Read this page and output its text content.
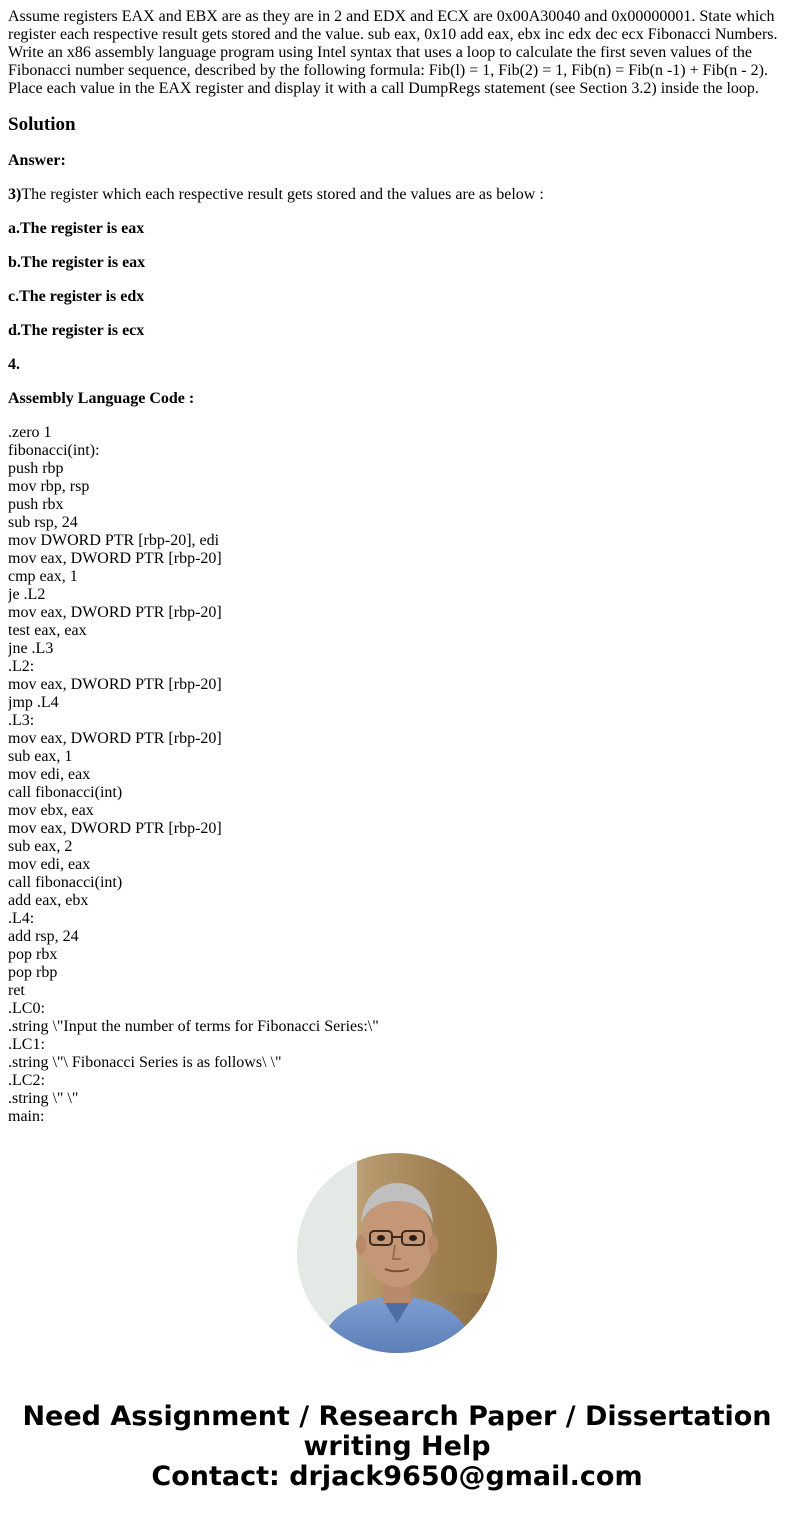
Assume registers EAX and EBX are as they are in 2 and EDX and ECX are 0x00A30040 and 0x00000001. State which register each respective result gets stored and the value. sub eax, 0x10 add eax, ebx inc edx dec ecx Fibonacci Numbers. Write an x86 assembly language program using Intel syntax that uses a loop to calculate the first seven values of the Fibonacci number sequence, described by the following formula: Fib(l) = 1, Fib(2) = 1, Fib(n) = Fib(n -1) + Fib(n - 2). Place each value in the EAX register and display it with a call DumpRegs statement (see Section 3.2) inside the loop.
Solution
Answer:
3)The register which each respective result gets stored and the values are as below :
a.The register is eax
b.The register is eax
c.The register is edx
d.The register is ecx
4.
Assembly Language Code :
.zero 1
fibonacci(int):
push rbp
mov rbp, rsp
push rbx
sub rsp, 24
mov DWORD PTR [rbp-20], edi
mov eax, DWORD PTR [rbp-20]
cmp eax, 1
je .L2
mov eax, DWORD PTR [rbp-20]
test eax, eax
jne .L3
.L2:
mov eax, DWORD PTR [rbp-20]
jmp .L4
.L3:
mov eax, DWORD PTR [rbp-20]
sub eax, 1
mov edi, eax
call fibonacci(int)
mov ebx, eax
mov eax, DWORD PTR [rbp-20]
sub eax, 2
mov edi, eax
call fibonacci(int)
add eax, ebx
.L4:
add rsp, 24
pop rbx
pop rbp
ret
.LC0:
.string \"Input the number of terms for Fibonacci Series:\"
.LC1:
.string \"\ Fibonacci Series is as follows\ \"
.LC2:
.string \" \"
main:
Need Assignment / Research Paper / Dissertation
writing Help
Contact: drjack9650@gmail.com
